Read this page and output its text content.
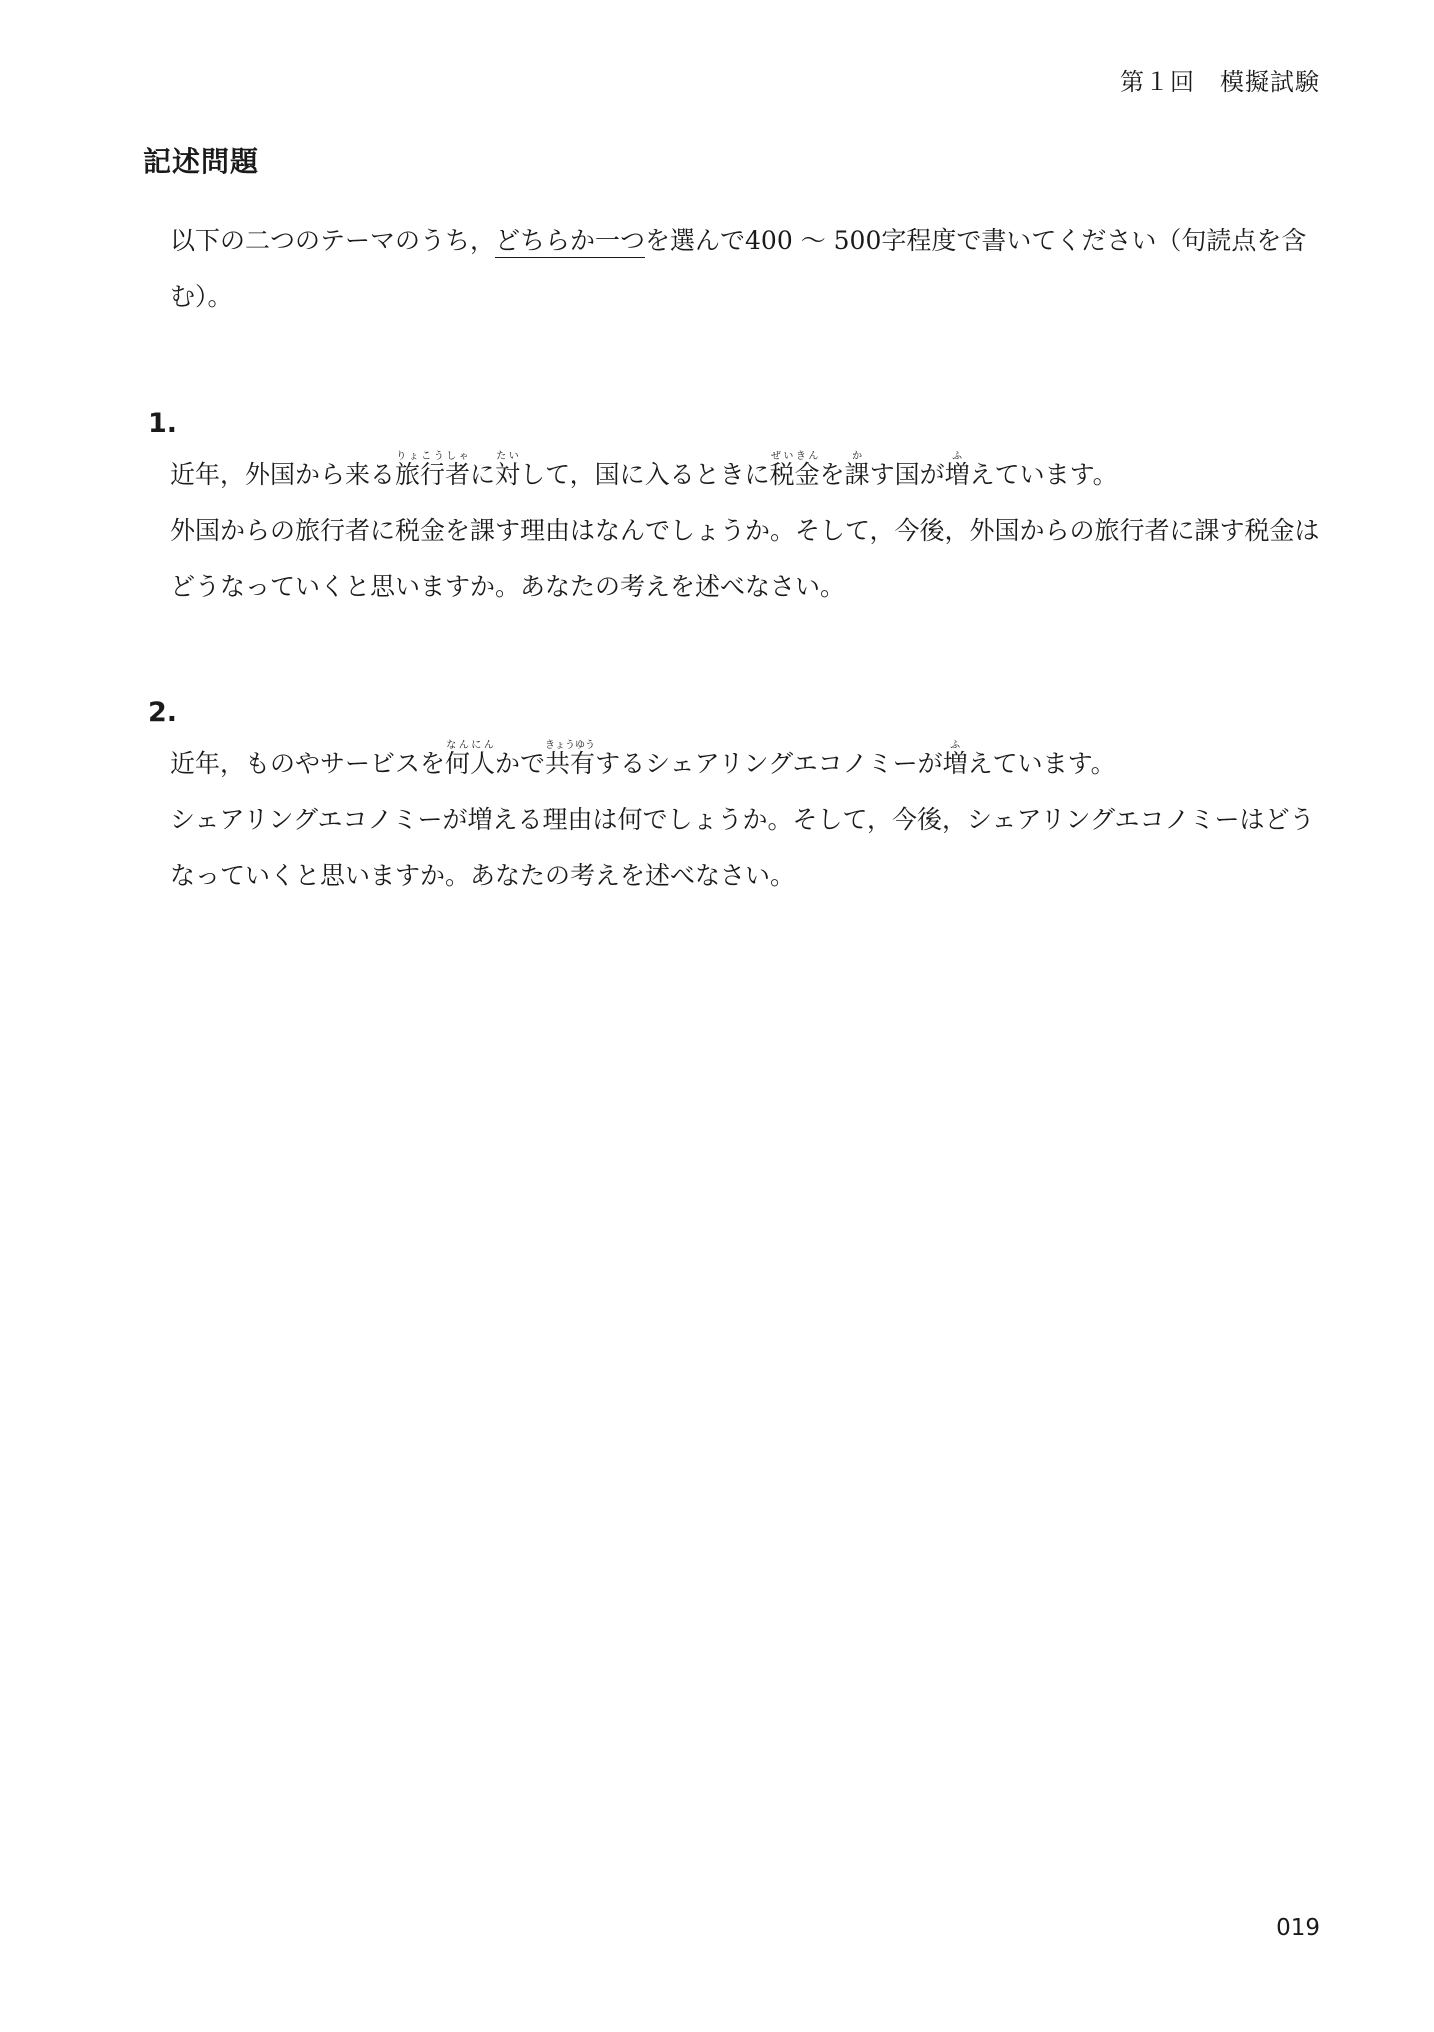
第１回　模擬試験
記述問題
以下の二つのテーマのうち，どちらか一つを選んで400 ～ 500字程度で書いてください（句読点を含む）。
1.
近年，外国から来る旅行者りょこうしゃに対たいして，国に入るときに税金ぜいきんを課かす国が増ふえています。
外国からの旅行者に税金を課す理由はなんでしょうか。そして，今後，外国からの旅行者に課す税金はどうなっていくと思いますか。あなたの考えを述べなさい。
2.
近年，ものやサービスを何人なんにんかで共有きょうゆうするシェアリングエコノミーが増ふえています。
シェアリングエコノミーが増える理由は何でしょうか。そして，今後，シェアリングエコノミーはどうなっていくと思いますか。あなたの考えを述べなさい。
019
